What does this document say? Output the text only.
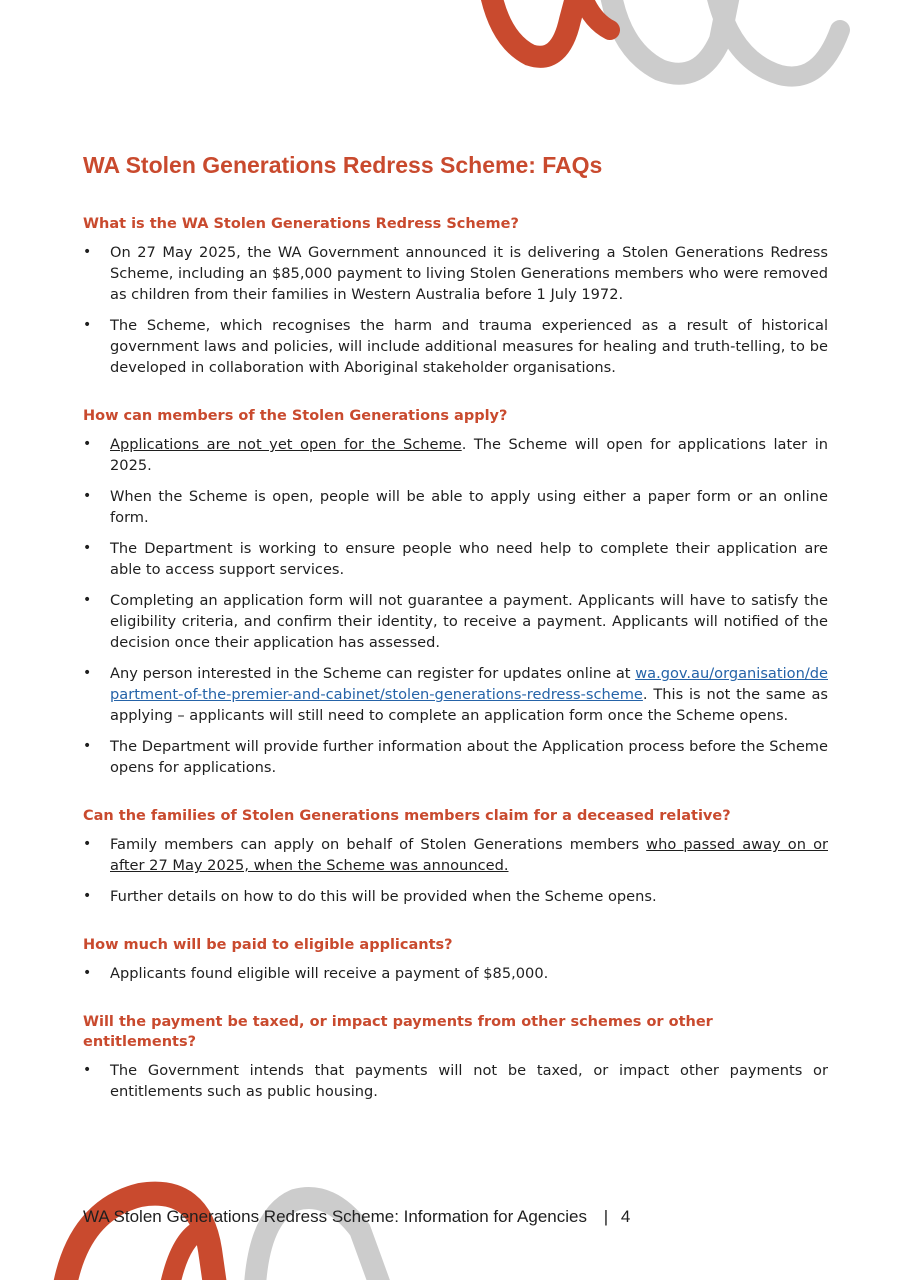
WA Stolen Generations Redress Scheme: FAQs
What is the WA Stolen Generations Redress Scheme?
• On 27 May 2025, the WA Government announced it is delivering a Stolen Generations Redress Scheme, including an $85,000 payment to living Stolen Generations members who were removed as children from their families in Western Australia before 1 July 1972.
• The Scheme, which recognises the harm and trauma experienced as a result of historical government laws and policies, will include additional measures for healing and truth-telling, to be developed in collaboration with Aboriginal stakeholder organisations.
How can members of the Stolen Generations apply?
• Applications are not yet open for the Scheme. The Scheme will open for applications later in 2025.
• When the Scheme is open, people will be able to apply using either a paper form or an online form.
• The Department is working to ensure people who need help to complete their application are able to access support services.
• Completing an application form will not guarantee a payment. Applicants will have to satisfy the eligibility criteria, and confirm their identity, to receive a payment. Applicants will notified of the decision once their application has assessed.
• Any person interested in the Scheme can register for updates online at wa.gov.au/organisation/department-of-the-premier-and-cabinet/stolen-generations-redress-scheme. This is not the same as applying – applicants will still need to complete an application form once the Scheme opens.
• The Department will provide further information about the Application process before the Scheme opens for applications.
Can the families of Stolen Generations members claim for a deceased relative?
• Family members can apply on behalf of Stolen Generations members who passed away on or after 27 May 2025, when the Scheme was announced.
• Further details on how to do this will be provided when the Scheme opens.
How much will be paid to eligible applicants?
• Applicants found eligible will receive a payment of $85,000.
Will the payment be taxed, or impact payments from other schemes or other entitlements?
• The Government intends that payments will not be taxed, or impact other payments or entitlements such as public housing.
WA Stolen Generations Redress Scheme: Information for Agencies | 4
